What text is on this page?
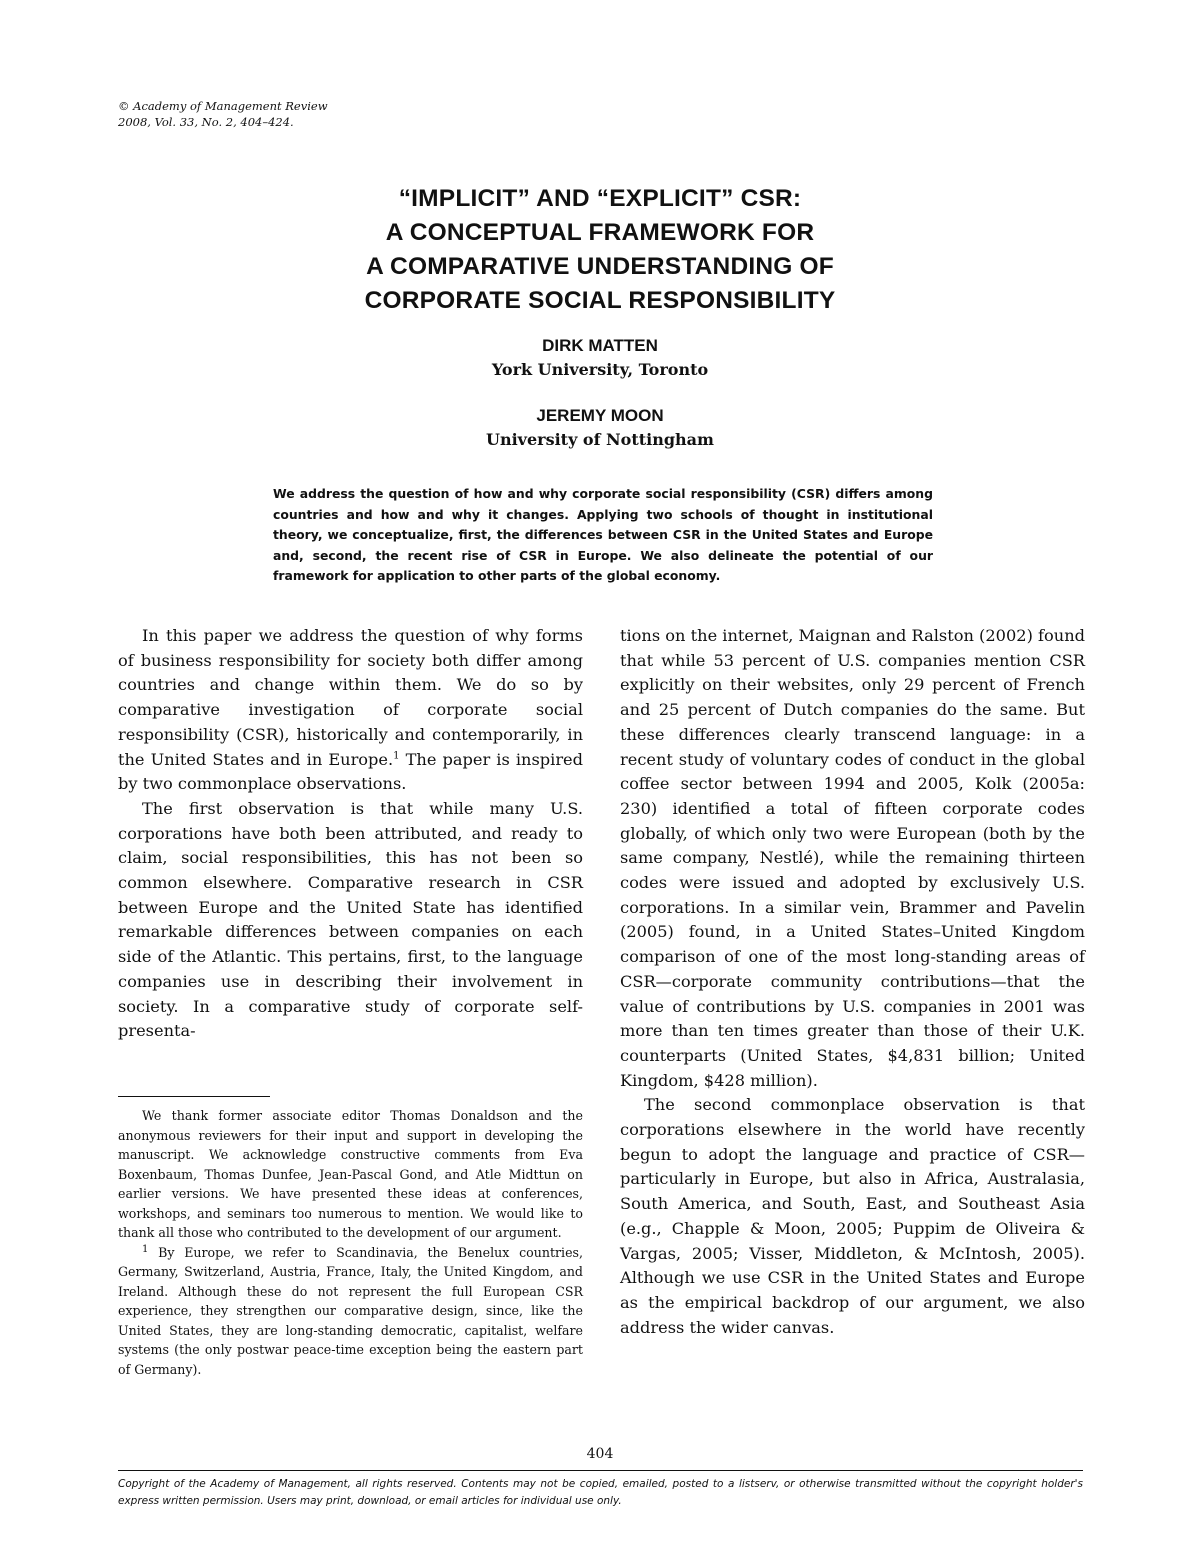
© Academy of Management Review
2008, Vol. 33, No. 2, 404–424.
“IMPLICIT” AND “EXPLICIT” CSR:
A CONCEPTUAL FRAMEWORK FOR
A COMPARATIVE UNDERSTANDING OF
CORPORATE SOCIAL RESPONSIBILITY
DIRK MATTEN
York University, Toronto
JEREMY MOON
University of Nottingham
We address the question of how and why corporate social responsibility (CSR) differs among countries and how and why it changes. Applying two schools of thought in institutional theory, we conceptualize, first, the differences between CSR in the United States and Europe and, second, the recent rise of CSR in Europe. We also delineate the potential of our framework for application to other parts of the global economy.

In this paper we address the question of why forms of business responsibility for society both differ among countries and change within them. We do so by comparative investigation of corporate social responsibility (CSR), historically and contemporarily, in the United States and in Europe.$^1$ The paper is inspired by two commonplace observations.

The first observation is that while many U.S. corporations have both been attributed, and ready to claim, social responsibilities, this has not been so common elsewhere. Comparative research in CSR between Europe and the United State has identified remarkable differences between companies on each side of the Atlantic. This pertains, first, to the language companies use in describing their involvement in society. In a comparative study of corporate self-presenta-

tions on the internet, Maignan and Ralston (2002) found that while 53 percent of U.S. companies mention CSR explicitly on their websites, only 29 percent of French and 25 percent of Dutch companies do the same. But these differences clearly transcend language: in a recent study of voluntary codes of conduct in the global coffee sector between 1994 and 2005, Kolk (2005a: 230) identified a total of fifteen corporate codes globally, of which only two were European (both by the same company, Nestlé), while the remaining thirteen codes were issued and adopted by exclusively U.S. corporations. In a similar vein, Brammer and Pavelin (2005) found, in a United States–United Kingdom comparison of one of the most long-standing areas of CSR—corporate community contributions—that the value of contributions by U.S. companies in 2001 was more than ten times greater than those of their U.K. counterparts (United States, $4,831 billion; United Kingdom, $428 million).

The second commonplace observation is that corporations elsewhere in the world have recently begun to adopt the language and practice of CSR—particularly in Europe, but also in Africa, Australasia, South America, and South, East, and Southeast Asia (e.g., Chapple & Moon, 2005; Puppim de Oliveira & Vargas, 2005; Visser, Middleton, & McIntosh, 2005). Although we use CSR in the United States and Europe as the empirical backdrop of our argument, we also address the wider canvas.

We thank former associate editor Thomas Donaldson and the anonymous reviewers for their input and support in developing the manuscript. We acknowledge constructive comments from Eva Boxenbaum, Thomas Dunfee, Jean-Pascal Gond, and Atle Midttun on earlier versions. We have presented these ideas at conferences, workshops, and seminars too numerous to mention. We would like to thank all those who contributed to the development of our argument.

$^1$ By Europe, we refer to Scandinavia, the Benelux countries, Germany, Switzerland, Austria, France, Italy, the United Kingdom, and Ireland. Although these do not represent the full European CSR experience, they strengthen our comparative design, since, like the United States, they are long-standing democratic, capitalist, welfare systems (the only postwar peace-time exception being the eastern part of Germany).

404
Copyright of the Academy of Management, all rights reserved. Contents may not be copied, emailed, posted to a listserv, or otherwise transmitted without the copyright holder's express written permission. Users may print, download, or email articles for individual use only.
